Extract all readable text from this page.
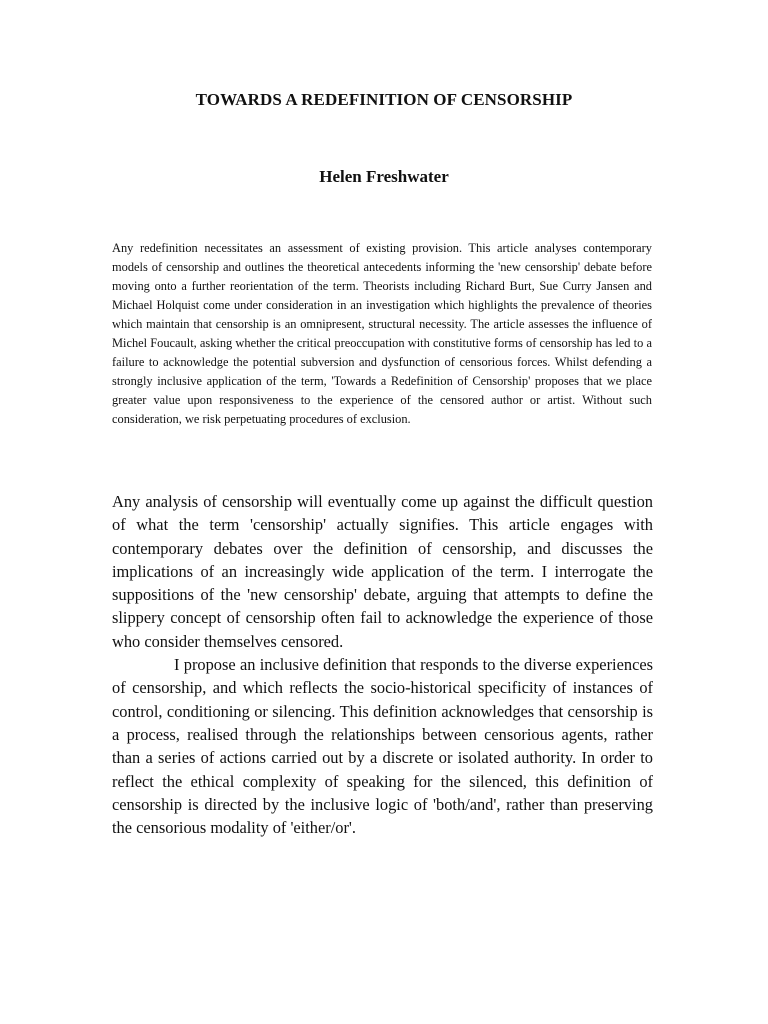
TOWARDS A REDEFINITION OF CENSORSHIP
Helen Freshwater

Any redefinition necessitates an assessment of existing provision. This article analyses contemporary models of censorship and outlines the theoretical antecedents informing the 'new censorship' debate before moving onto a further reorientation of the term. Theorists including Richard Burt, Sue Curry Jansen and Michael Holquist come under consideration in an investigation which highlights the prevalence of theories which maintain that censorship is an omnipresent, structural necessity. The article assesses the influence of Michel Foucault, asking whether the critical preoccupation with constitutive forms of censorship has led to a failure to acknowledge the potential subversion and dysfunction of censorious forces. Whilst defending a strongly inclusive application of the term, 'Towards a Redefinition of Censorship' proposes that we place greater value upon responsiveness to the experience of the censored author or artist. Without such consideration, we risk perpetuating procedures of exclusion.

Any analysis of censorship will eventually come up against the difficult question of what the term 'censorship' actually signifies. This article engages with contemporary debates over the definition of censorship, and discusses the implications of an increasingly wide application of the term. I interrogate the suppositions of the 'new censorship' debate, arguing that attempts to define the slippery concept of censorship often fail to acknowledge the experience of those who consider themselves censored.

I propose an inclusive definition that responds to the diverse experiences of censorship, and which reflects the socio-historical specificity of instances of control, conditioning or silencing. This definition acknowledges that censorship is a process, realised through the relationships between censorious agents, rather than a series of actions carried out by a discrete or isolated authority. In order to reflect the ethical complexity of speaking for the silenced, this definition of censorship is directed by the inclusive logic of 'both/and', rather than preserving the censorious modality of 'either/or'.
